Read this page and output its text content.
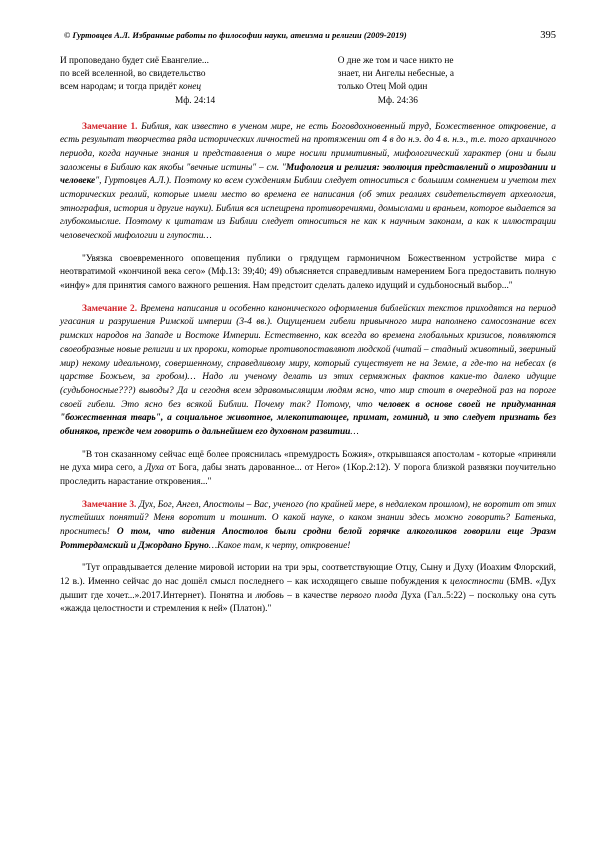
© Гуртовцев А.Л. Избранные работы по философии науки, атеизма и религии (2009-2019)	395
И проповедано будет сиё Евангелие...
по всей вселенной, во свидетельство
всем народам; и тогда придёт конец
Мф. 24:14
О дне же том и часе никто не
знает, ни Ангелы небесные, а
только Отец Мой один
Мф. 24:36

Замечание 1. Библия, как известно в ученом мире, не есть Боговдохновенный труд, Божественное откровение, а есть результат творчества ряда исторических личностей на протяжении от 4 в до н.э. до 4 в. н.э., т.е. того архаичного периода, когда научные знания и представления о мире носили примитивный, мифологический характер (они и были заложены в Библию как якобы "вечные истины" – см. "Мифология и религия: эволюция представлений о мироздании и человеке", Гуртовцев А.Л.). Поэтому ко всем суждениям Библии следует относиться с большим сомнением и учетом тех исторических реалий, которые имели место во времена ее написания (об этих реалиях свидетельствует археология, этнография, история и другие науки). Библия вся испещрена противоречиями, домыслами и враньем, которое выдается за глубокомыслие. Поэтому к цитатам из Библии следует относиться не как к научным законам, а как к иллюстрации человеческой мифологии и глупости…

"Увязка своевременного оповещения публики о грядущем гармоничном Божественном устройстве мира с неотвратимой «кончиной века сего» (Мф.13: 39;40; 49) объясняется справедливым намерением Бога предоставить полную «инфу» для принятия самого важного решения. Нам предстоит сделать далеко идущий и судьбоносный выбор..."

Замечание 2. Времена написания и особенно канонического оформления библейских текстов приходятся на период угасания и разрушения Римской империи (3-4 вв.). Ощущением гибели привычного мира наполнено самосознание всех римских народов на Западе и Востоке Империи. Естественно, как всегда во времена глобальных кризисов, появляются своеобразные новые религии и их пророки, которые противопоставляют людской (читай – стадный животный, звериный мир) некому идеальному, совершенному, справедливому миру, который существует не на Земле, а где-то на небесах (в царстве Божьем, за гробом)… Надо ли ученому делать из этих сермяжных фактов какие-то далеко идущие (судьбоносные???) выводы? Да и сегодня всем здравомыслящим людям ясно, что мир стоит в очередной раз на пороге своей гибели. Это ясно без всякой Библии. Почему так? Потому, что человек в основе своей не придуманная "божественная тварь", а социальное животное, млекопитающее, примат, гоминид, и это следует признать без обиняков, прежде чем говорить о дальнейшем его духовном развитии…

"В тон сказанному сейчас ещё более прояснилась «премудрость Божия», открывшаяся апостолам - которые «приняли не духа мира сего, а Духа от Бога, дабы знать дарованное... от Него» (1Кор.2:12). У порога близкой развязки поучительно проследить нарастание откровения..."

Замечание 3. Дух, Бог, Ангел, Апостолы – Вас, ученого (по крайней мере, в недалеком прошлом), не воротит от этих пустейших понятий? Меня воротит и тошнит. О какой науке, о каком знании здесь можно говорить? Батенька, проснитесь! О том, что видения Апостолов были сродни белой горячке алкоголиков говорили еще Эразм Роттердамский и Джордано Бруно…Какое там, к черту, откровение!

"Тут оправдывается деление мировой истории на три эры, соответствующие Отцу, Сыну и Духу (Иоахим Флорский, 12 в.). Именно сейчас до нас дошёл смысл последнего – как исходящего свыше побуждения к целостности (БМВ. «Дух дышит где хочет...».2017.Интернет). Понятна и любовь – в качестве первого плода Духа (Гал..5:22) – поскольку она суть «жажда целостности и стремления к ней» (Платон)."
